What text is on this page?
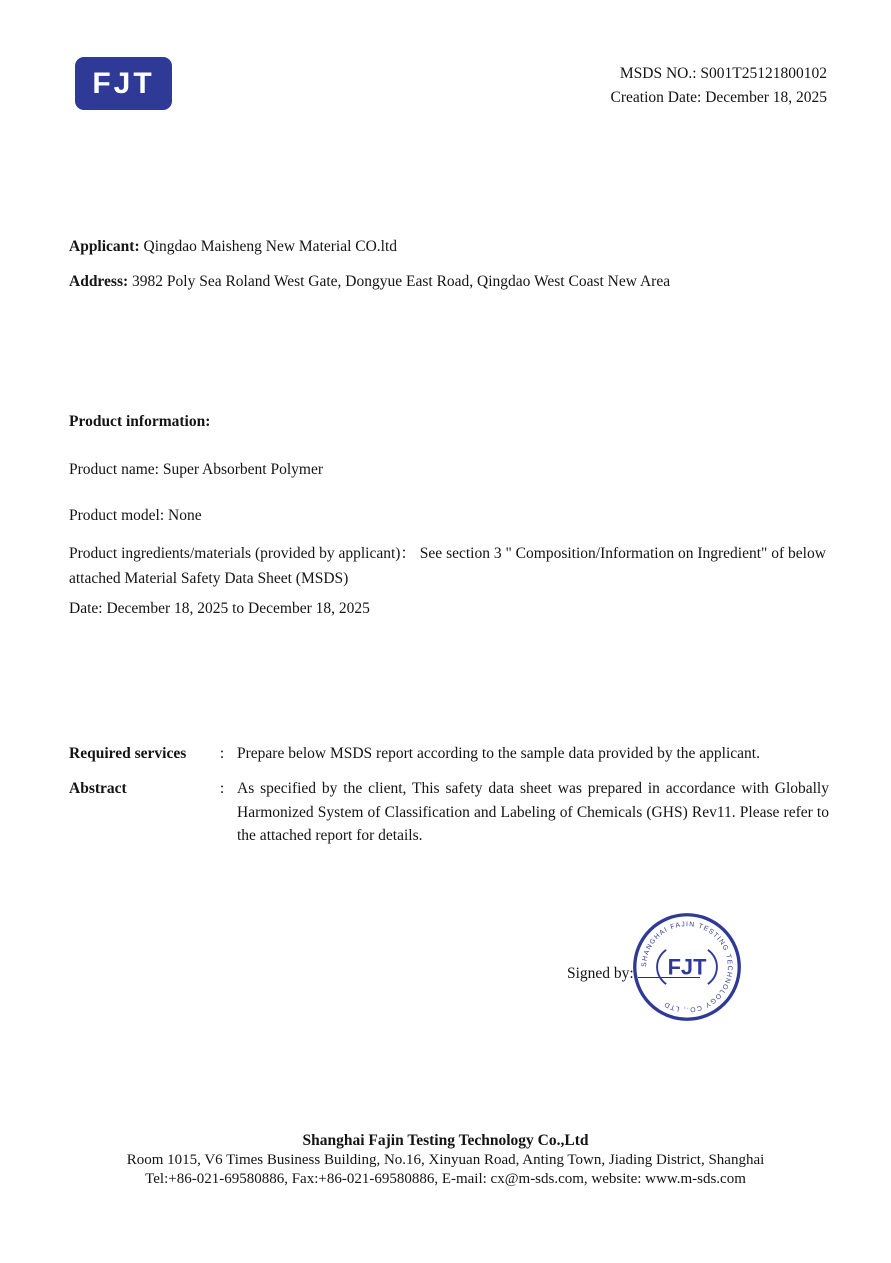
FJT	MSDS NO.: S001T25121800102
Creation Date: December 18, 2025

Applicant: Qingdao Maisheng New Material CO.ltd

Address: 3982 Poly Sea Roland West Gate, Dongyue East Road, Qingdao West Coast New Area

Product information:

Product name: Super Absorbent Polymer

Product model: None

Product ingredients/materials (provided by applicant)： See section 3 " Composition/Information on Ingredient" of below attached Material Safety Data Sheet (MSDS)

Date: December 18, 2025 to December 18, 2025

Required services	: Prepare below MSDS report according to the sample data provided by the applicant.
Abstract	: As specified by the client, This safety data sheet was prepared in accordance with Globally Harmonized System of Classification and Labeling of Chemicals (GHS) Rev11. Please refer to the attached report for details.
Signed by:
SHANGHAI FAJIN TESTING TECHNOLOGY CO., LTD
FJT
Shanghai Fajin Testing Technology Co.,Ltd
Room 1015, V6 Times Business Building, No.16, Xinyuan Road, Anting Town, Jiading District, Shanghai
Tel:+86-021-69580886, Fax:+86-021-69580886, E-mail: cx@m-sds.com, website: www.m-sds.com
